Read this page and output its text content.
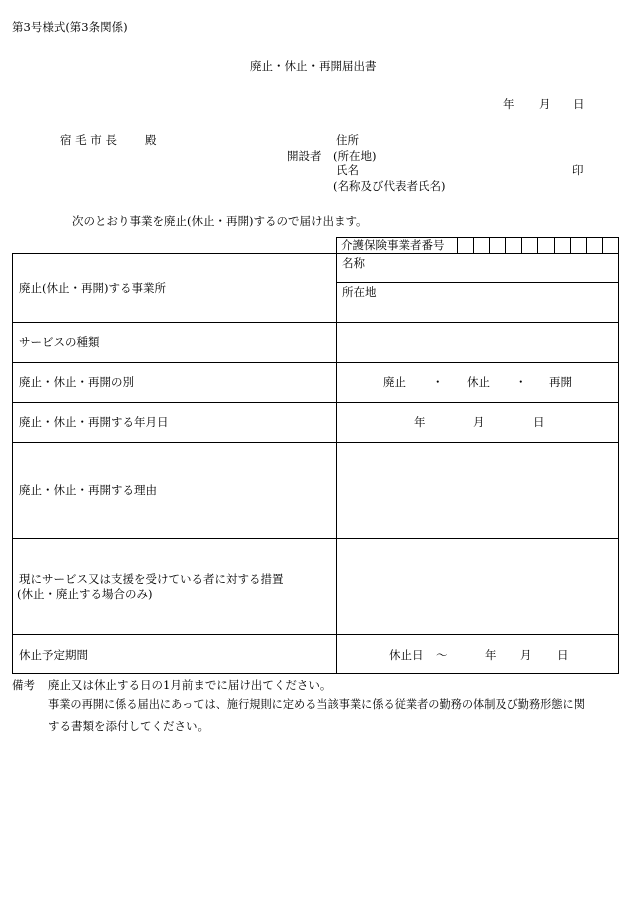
第3号様式(第3条関係)
廃止・休止・再開届出書
年 月 日
宿 毛 市 長 殿
開設者
住所
(所在地)
氏名
(名称及び代表者氏名)
印
次のとおり事業を廃止(休止・再開)するので届け出ます。
介護保険事業者番号
廃止(休止・再開)する事業所
名称
所在地
サービスの種類
廃止・休止・再開の別	廃止 ・ 休止 ・ 再開
廃止・休止・再開する年月日	年	月	日
廃止・休止・再開する理由
現にサービス又は支援を受けている者に対する措置
(休止・廃止する場合のみ)
休止予定期間	休止日 〜	年 月 日
備考 廃止又は休止する日の1月前までに届け出てください。
事業の再開に係る届出にあっては、施行規則に定める当該事業に係る従業者の勤務の体制及び勤務形態に関
する書類を添付してください。
